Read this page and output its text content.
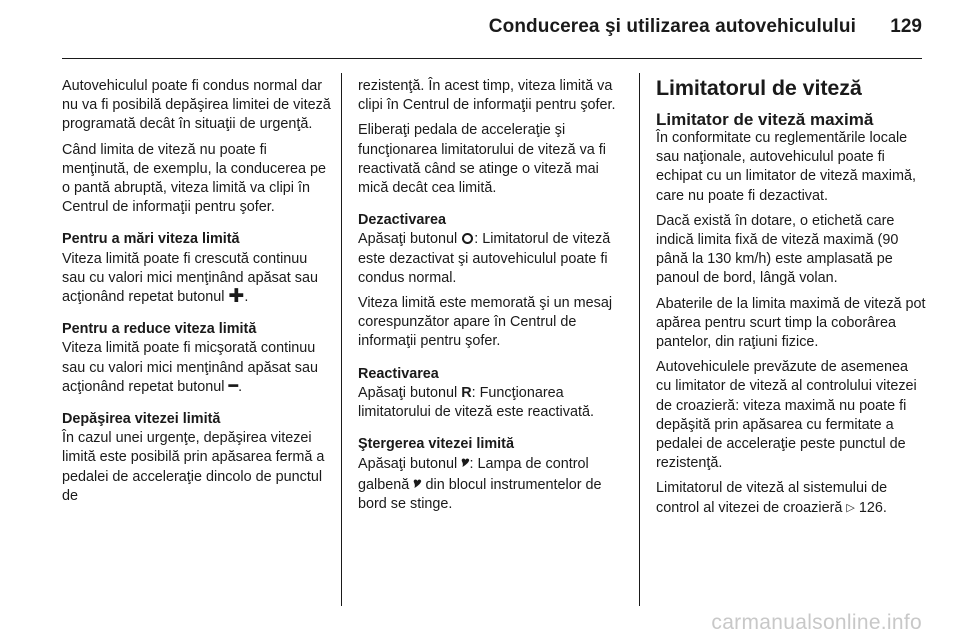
Conducerea şi utilizarea autovehiculului 129

Autovehiculul poate fi condus normal dar nu va fi posibilă depăşirea limitei de viteză programată decât în situaţii de urgenţă.

Când limita de viteză nu poate fi menţinută, de exemplu, la conducerea pe o pantă abruptă, viteza limită va clipi în Centrul de informaţii pentru şofer.

Pentru a mări viteza limită

Viteza limită poate fi crescută continuu sau cu valori mici menţinând apăsat sau acţionând repetat butonul ✚.

Pentru a reduce viteza limită

Viteza limită poate fi micşorată continuu sau cu valori mici menţinând apăsat sau acţionând repetat butonul ━.

Depăşirea vitezei limită

În cazul unei urgenţe, depăşirea vitezei limită este posibilă prin apăsarea fermă a pedalei de acceleraţie dincolo de punctul de

rezistenţă. În acest timp, viteza limită va clipi în Centrul de informaţii pentru şofer.

Eliberaţi pedala de acceleraţie şi funcţionarea limitatorului de viteză va fi reactivată când se atinge o viteză mai mică decât cea limită.

Dezactivarea

Apăsaţi butonul : Limitatorul de viteză este dezactivat şi autovehiculul poate fi condus normal.

Viteza limită este memorată şi un mesaj corespunzător apare în Centrul de informaţii pentru şofer.

Reactivarea

Apăsaţi butonul R: Funcţionarea limitatorului de viteză este reactivată.

Ştergerea vitezei limită

Apăsaţi butonul 🎔: Lampa de control galbenă 🎔 din blocul instrumentelor de bord se stinge.

Limitatorul de viteză
Limitator de viteză maximă

În conformitate cu reglementările locale sau naţionale, autovehiculul poate fi echipat cu un limitator de viteză maximă, care nu poate fi dezactivat.

Dacă există în dotare, o etichetă care indică limita fixă de viteză maximă (90 până la 130 km/h) este amplasată pe panoul de bord, lângă volan.

Abaterile de la limita maximă de viteză pot apărea pentru scurt timp la coborârea pantelor, din raţiuni fizice.

Autovehiculele prevăzute de asemenea cu limitator de viteză al controlului vitezei de croazieră: viteza maximă nu poate fi depăşită prin apăsarea cu fermitate a pedalei de acceleraţie peste punctul de rezistenţă.

Limitatorul de viteză al sistemului de control al vitezei de croazieră ▷ 126.

carmanualsonline.info
